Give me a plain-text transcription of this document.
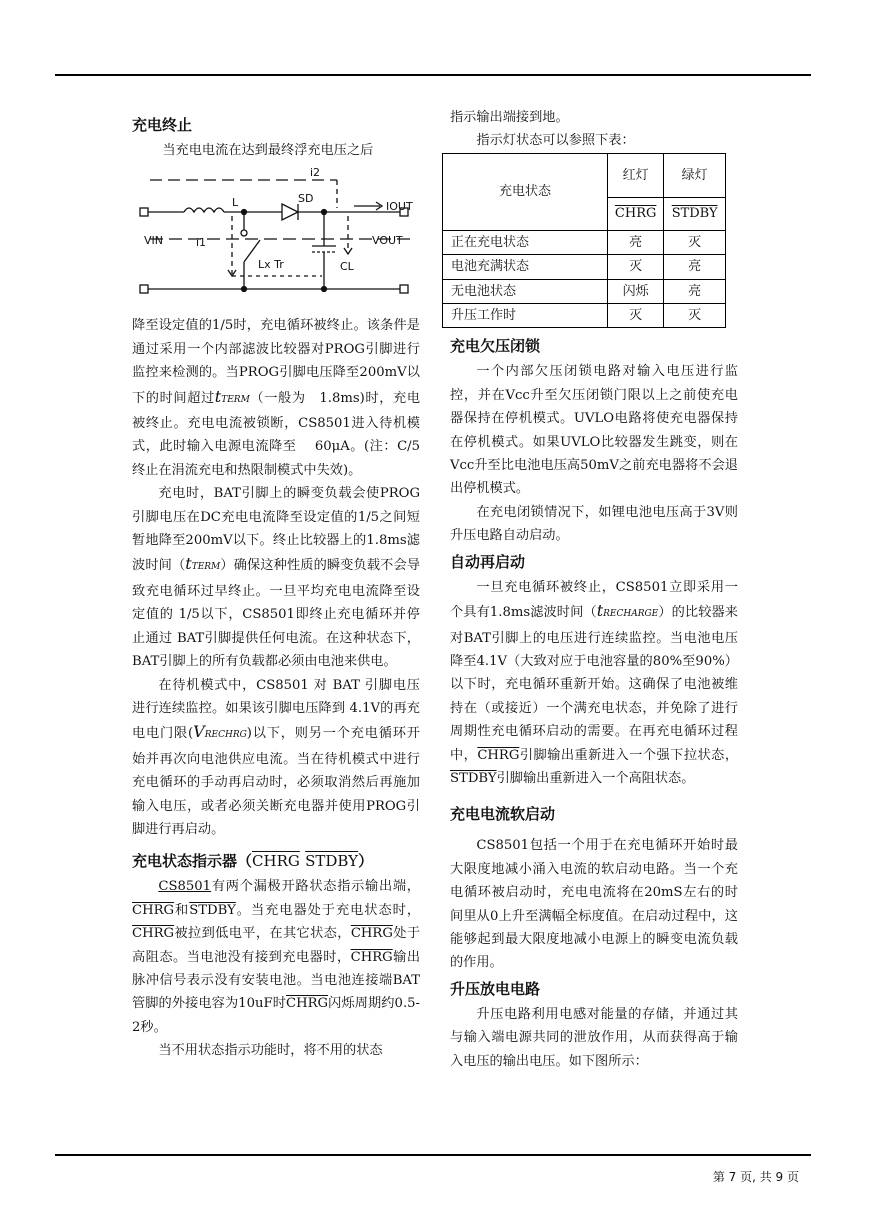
充电终止

当充电电流在达到最终浮充电压之后

i2
L	SD
IOUT
VIN	i1	VOUT
Lx Tr	CL

降至设定值的1/5时，充电循环被终止。该条件是通过采用一个内部滤波比较器对PROG引脚进行监控来检测的。当PROG引脚电压降至200mV以下的时间超过tTERM（一般为　1.8ms)时，充电被终止。充电电流被锁断，CS8501进入待机模式，此时输入电源电流降至　 60μA。(注：C/5终止在涓流充电和热限制模式中失效)。

充电时，BAT引脚上的瞬变负载会使PROG引脚电压在DC充电电流降至设定值的1/5之间短暂地降至200mV以下。终止比较器上的1.8ms滤波时间（tTERM）确保这种性质的瞬变负载不会导致充电循环过早终止。一旦平均充电电流降至设定值的 1/5以下，CS8501即终止充电循环并停止通过 BAT引脚提供任何电流。在这种状态下，BAT引脚上的所有负载都必须由电池来供电。

在待机模式中，CS8501 对 BAT 引脚电压进行连续监控。如果该引脚电压降到 4.1V的再充电电门限(VRECHRG)以下，则另一个充电循环开始并再次向电池供应电流。当在待机模式中进行充电循环的手动再启动时，必须取消然后再施加输入电压，或者必须关断充电器并使用PROG引脚进行再启动。

充电状态指示器（CHRG STDBY）

CS8501有两个漏极开路状态指示输出端，CHRG和STDBY。当充电器处于充电状态时，CHRG被拉到低电平，在其它状态，CHRG处于高阻态。当电池没有接到充电器时，CHRG输出脉冲信号表示没有安装电池。当电池连接端BAT管脚的外接电容为10uF时CHRG闪烁周期约0.5-2秒。

当不用状态指示功能时，将不用的状态

指示输出端接到地。

指示灯状态可以参照下表：

充电状态	红灯	绿灯
	CHRG	STDBY
正在充电状态	亮	灭
电池充满状态	灭	亮
无电池状态	闪烁	亮
升压工作时	灭	灭
充电欠压闭锁

一个内部欠压闭锁电路对输入电压进行监控，并在Vcc升至欠压闭锁门限以上之前使充电器保持在停机模式。UVLO电路将使充电器保持在停机模式。如果UVLO比较器发生跳变，则在Vcc升至比电池电压高50mV之前充电器将不会退出停机模式。

在充电闭锁情况下，如锂电池电压高于3V则升压电路自动启动。

自动再启动

一旦充电循环被终止，CS8501立即采用一个具有1.8ms滤波时间（tRECHARGE）的比较器来对BAT引脚上的电压进行连续监控。当电池电压降至4.1V（大致对应于电池容量的80%至90%）以下时，充电循环重新开始。这确保了电池被维持在（或接近）一个满充电状态，并免除了进行周期性充电循环启动的需要。在再充电循环过程中，CHRG引脚输出重新进入一个强下拉状态，STDBY引脚输出重新进入一个高阻状态。

充电电流软启动

CS8501包括一个用于在充电循环开始时最大限度地减小涌入电流的软启动电路。当一个充电循环被启动时，充电电流将在20mS左右的时间里从0上升至满幅全标度值。在启动过程中，这能够起到最大限度地减小电源上的瞬变电流负载的作用。

升压放电电路

升压电路利用电感对能量的存储，并通过其与输入端电源共同的泄放作用，从而获得高于输入电压的输出电压。如下图所示：

第 7 页, 共 9 页
